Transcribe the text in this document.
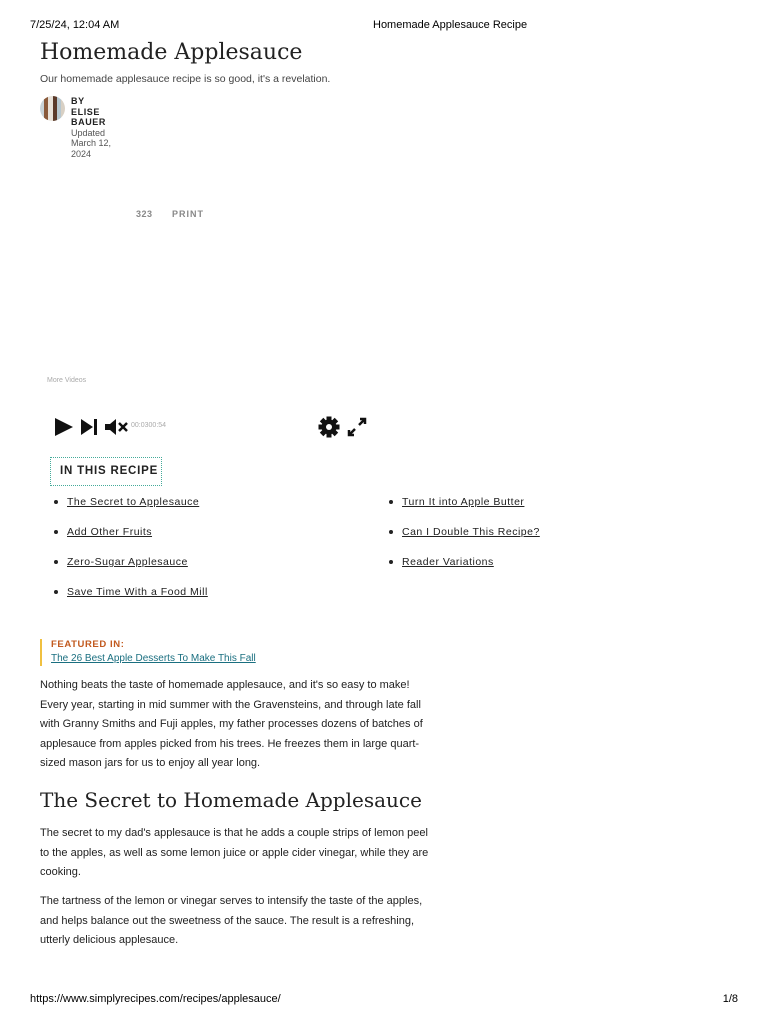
7/25/24, 12:04 AM	Homemade Applesauce Recipe
Homemade Applesauce
Our homemade applesauce recipe is so good, it's a revelation.
BY
ELISE BAUER
Updated
March 12, 2024
323 PRINT
More Videos
00:0300:54
IN THIS RECIPE
The Secret to Applesauce
Add Other Fruits
Zero-Sugar Applesauce
Save Time With a Food Mill
Turn It into Apple Butter
Can I Double This Recipe?
Reader Variations
FEATURED IN:
The 26 Best Apple Desserts To Make This Fall

Nothing beats the taste of homemade applesauce, and it's so easy to make! Every year, starting in mid summer with the Gravensteins, and through late fall with Granny Smiths and Fuji apples, my father processes dozens of batches of applesauce from apples picked from his trees. He freezes them in large quart-sized mason jars for us to enjoy all year long.

The Secret to Homemade Applesauce

The secret to my dad's applesauce is that he adds a couple strips of lemon peel to the apples, as well as some lemon juice or apple cider vinegar, while they are cooking.

The tartness of the lemon or vinegar serves to intensify the taste of the apples, and helps balance out the sweetness of the sauce. The result is a refreshing, utterly delicious applesauce.

https://www.simplyrecipes.com/recipes/applesauce/	1/8
